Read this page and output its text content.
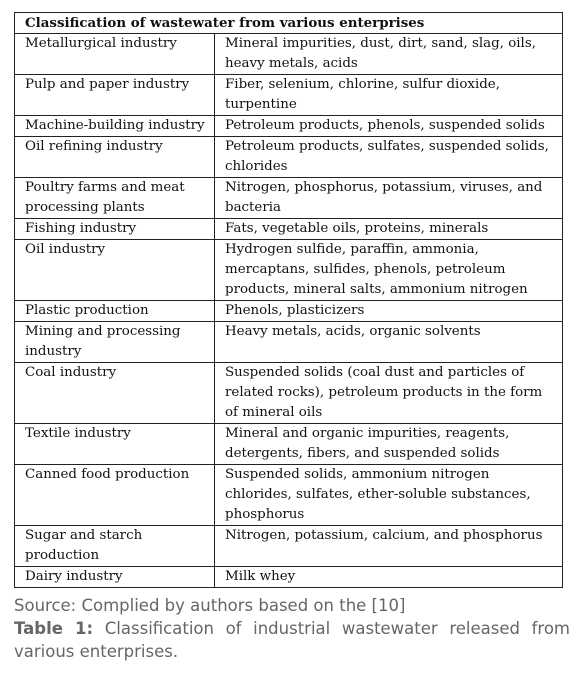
Classification of wastewater from various enterprises	
Metallurgical industry	Mineral impurities, dust, dirt, sand, slag, oils, heavy metals, acids
Pulp and paper industry	Fiber, selenium, chlorine, sulfur dioxide, turpentine
Machine-building industry	Petroleum products, phenols, suspended solids
Oil refining industry	Petroleum products, sulfates, suspended solids, chlorides
Poultry farms and meat processing plants	Nitrogen, phosphorus, potassium, viruses, and bacteria
Fishing industry	Fats, vegetable oils, proteins, minerals
Oil industry	Hydrogen sulfide, paraffin, ammonia, mercaptans, sulfides, phenols, petroleum products, mineral salts, ammonium nitrogen
Plastic production	Phenols, plasticizers
Mining and processing industry	Heavy metals, acids, organic solvents
Coal industry	Suspended solids (coal dust and particles of related rocks), petroleum products in the form of mineral oils
Textile industry	Mineral and organic impurities, reagents, detergents, fibers, and suspended solids
Canned food production	Suspended solids, ammonium nitrogen chlorides, sulfates, ether-soluble substances, phosphorus
Sugar and starch production	Nitrogen, potassium, calcium, and phosphorus
Dairy industry	Milk whey
Source: Complied by authors based on the [10]
Table 1: Classification of industrial wastewater released from various enterprises.
